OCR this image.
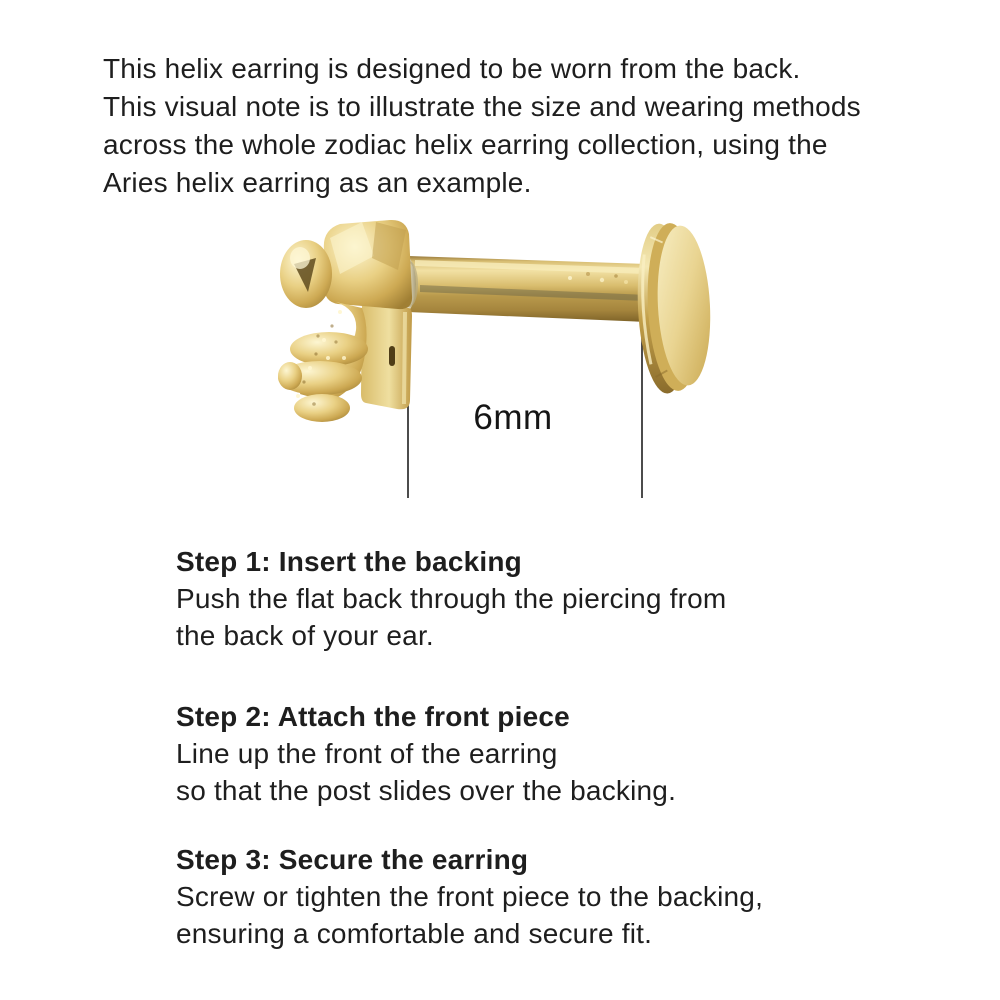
This helix earring is designed to be worn from the back.
This visual note is to illustrate the size and wearing methods
across the whole zodiac helix earring collection, using the
Aries helix earring as an example.
6mm
Step 1: Insert the backing
Push the flat back through the piercing from
the back of your ear.
Step 2: Attach the front piece
Line up the front of the earring
so that the post slides over the backing.
Step 3: Secure the earring
Screw or tighten the front piece to the backing,
ensuring a comfortable and secure fit.
